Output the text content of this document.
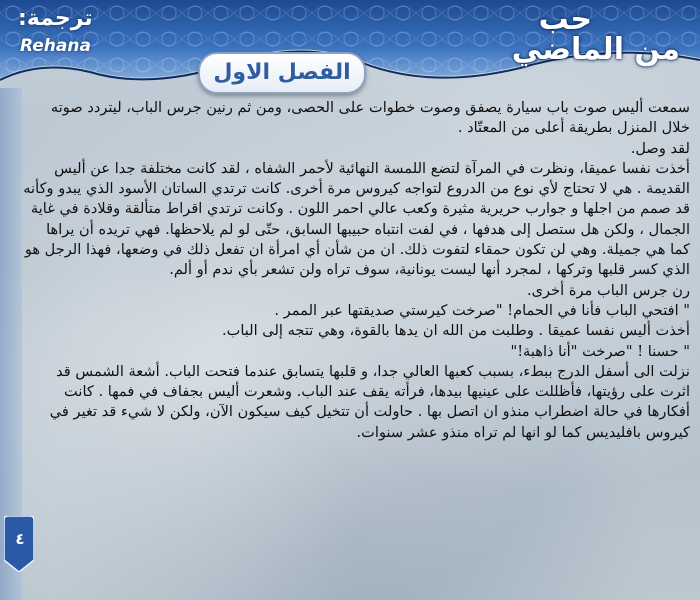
ترجمة:
Rehana
حب
من الماضي
الفصل الاول

سمعت أليس صوت باب سيارة يصفق وصوت خطوات على الحصى، ومن ثم رنين جرس الباب، ليتردد صوته خلال المنزل بطريقة أعلى من المعتّاد .

لقد وصل.

أخذت نفسا عميقا، ونظرت في المرآة لتضع اللمسة النهائية لأحمر الشفاه ، لقد كانت مختلفة جدا عن أليس القديمة . هي لا تحتاج لأي نوع من الدروع لتواجه كيروس مرة أخرى. كانت ترتدي الساتان الأسود الذي يبدو وكأنه قد صمم من اجلها و جوارب حريرية مثيرة وكعب عالي احمر اللون . وكانت ترتدي اقراط متألقة وقلادة في غاية الجمال ، ولكن هل ستصل إلى هدفها ، في لفت انتباه حبيبها السابق، حتّى لو لم يلاحظها. فهي تريده أن يراها كما هي جميلة. وهي لن تكون حمقاء لتفوت ذلك. ان من شأن أي امرأة ان تفعل ذلك في وضعها، فهذا الرجل هو الذي كسر قلبها وتركها ، لمجرد أنها ليست يونانية، سوف تراه ولن تشعر بأي ندم أو ألم.

رن جرس الباب مرة أخرى.

" افتحي الباب فأنا في الحمام! "صرخت كيرستي صديقتها عبر الممر .

أخذت أليس نفسا عميقا . وطلبت من الله ان يدها بالقوة، وهي تتجه إلى الباب.

" حسنا ! "صرخت "أنا ذاهبة!"

نزلت الى أسفل الدرج ببطء، بسبب كعبها العالي جدا، و قلبها يتسابق عندما فتحت الباب. أشعة الشمس قد اثرت على رؤيتها، فأظللت على عينيها بيدها، فرأته يقف عند الباب. وشعرت أليس بجفاف في فمها . كانت أفكارها في حالة اضطراب منذو ان اتصل بها . حاولت أن تتخيل كيف سيكون الآن، ولكن لا شيء قد تغير في كيروس بافليديس كما لو انها لم تراه منذو عشر سنوات.

٤
